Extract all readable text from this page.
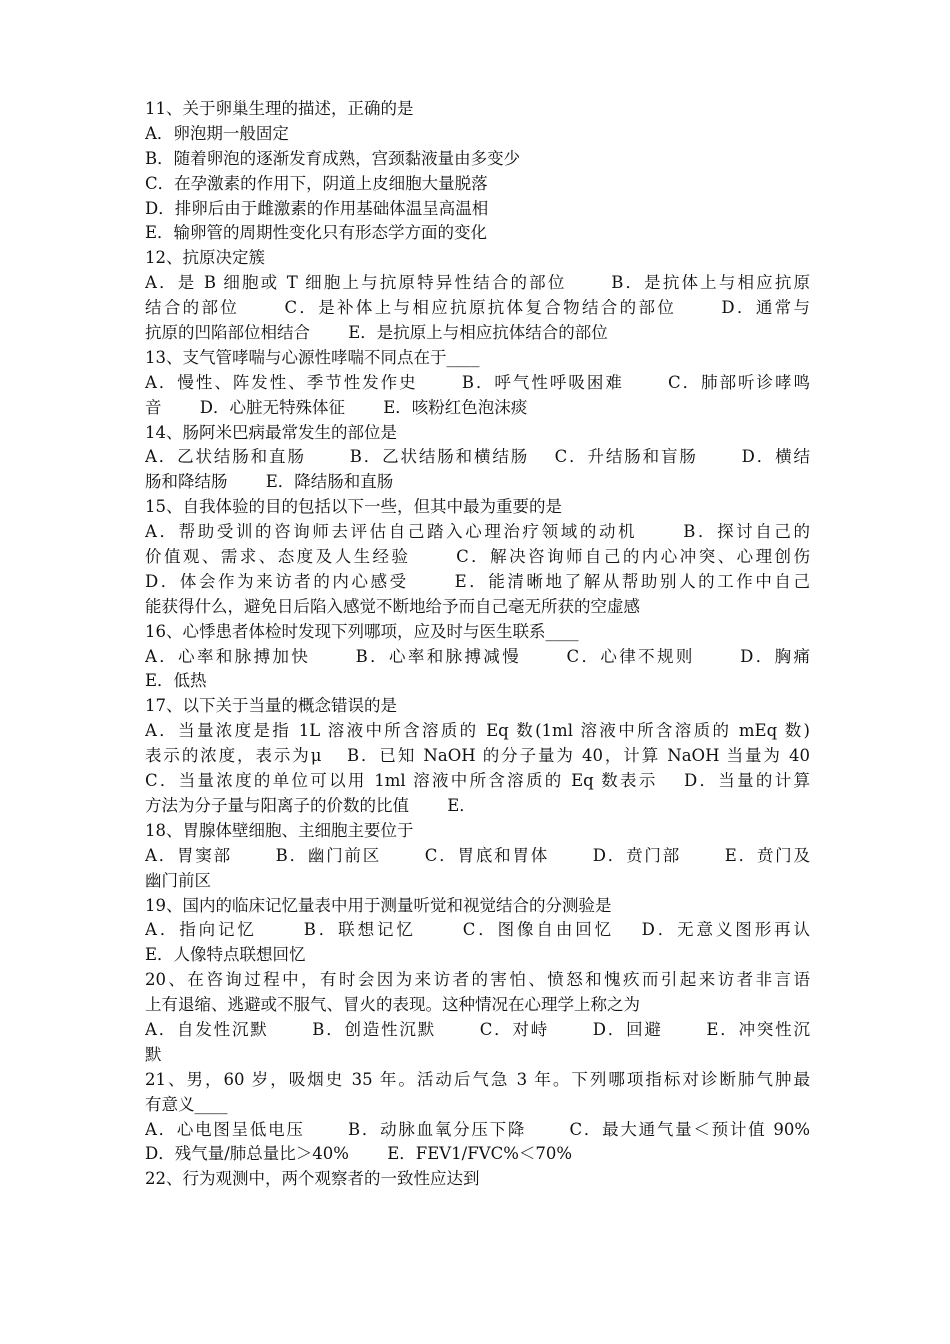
11、关于卵巢生理的描述，正确的是
A．卵泡期一般固定
B．随着卵泡的逐渐发育成熟，宫颈黏液量由多变少
C．在孕激素的作用下，阴道上皮细胞大量脱落
D．排卵后由于雌激素的作用基础体温呈高温相
E．输卵管的周期性变化只有形态学方面的变化
12、抗原决定簇
A．是 B 细胞或 T 细胞上与抗原特异性结合的部位 　　B．是抗体上与相应抗原
结合的部位 　　C．是补体上与相应抗原抗体复合物结合的部位 　　D．通常与
抗原的凹陷部位相结合 　　E．是抗原上与相应抗体结合的部位
13、支气管哮喘与心源性哮喘不同点在于____
A．慢性、阵发性、季节性发作史 　　B．呼气性呼吸困难 　　C．肺部听诊哮鸣
音 　　D．心脏无特殊体征 　　E．咳粉红色泡沫痰
14、肠阿米巴病最常发生的部位是
A．乙状结肠和直肠 　　B．乙状结肠和横结肠 　C．升结肠和盲肠 　　D．横结
肠和降结肠 　　E．降结肠和直肠
15、自我体验的目的包括以下一些，但其中最为重要的是
A．帮助受训的咨询师去评估自己踏入心理治疗领域的动机 　　B．探讨自己的
价值观、需求、态度及人生经验 　　C．解决咨询师自己的内心冲突、心理创伤
D．体会作为来访者的内心感受 　　E．能清晰地了解从帮助别人的工作中自己
能获得什么，避免日后陷入感觉不断地给予而自己毫无所获的空虚感
16、心悸患者体检时发现下列哪项，应及时与医生联系____
A．心率和脉搏加快 　　B．心率和脉搏减慢 　　C．心律不规则 　　D．胸痛
E．低热
17、以下关于当量的概念错误的是
A．当量浓度是指 1L 溶液中所含溶质的 Eq 数(1ml 溶液中所含溶质的 mEq 数)
表示的浓度，表示为μ 　B．已知 NaOH 的分子量为 40，计算 NaOH 当量为 40
C．当量浓度的单位可以用 1ml 溶液中所含溶质的 Eq 数表示 　D．当量的计算
方法为分子量与阳离子的价数的比值 　　E．
18、胃腺体壁细胞、主细胞主要位于
A．胃窦部 　　B．幽门前区 　　C．胃底和胃体 　　D．贲门部 　　E．贲门及
幽门前区
19、国内的临床记忆量表中用于测量听觉和视觉结合的分测验是
A．指向记忆 　　B．联想记忆 　　C．图像自由回忆 　D．无意义图形再认
E．人像特点联想回忆
20、在咨询过程中，有时会因为来访者的害怕、愤怒和愧疚而引起来访者非言语
上有退缩、逃避或不服气、冒火的表现。这种情况在心理学上称之为
A．自发性沉默 　　B．创造性沉默 　　C．对峙 　　D．回避 　　E．冲突性沉
默
21、男，60 岁，吸烟史 35 年。活动后气急 3 年。下列哪项指标对诊断肺气肿最
有意义____
A．心电图呈低电压 　　B．动脉血氧分压下降 　　C．最大通气量＜预计值 90%
D．残气量/肺总量比＞40% 　　E．FEV1/FVC%＜70%
22、行为观测中，两个观察者的一致性应达到
